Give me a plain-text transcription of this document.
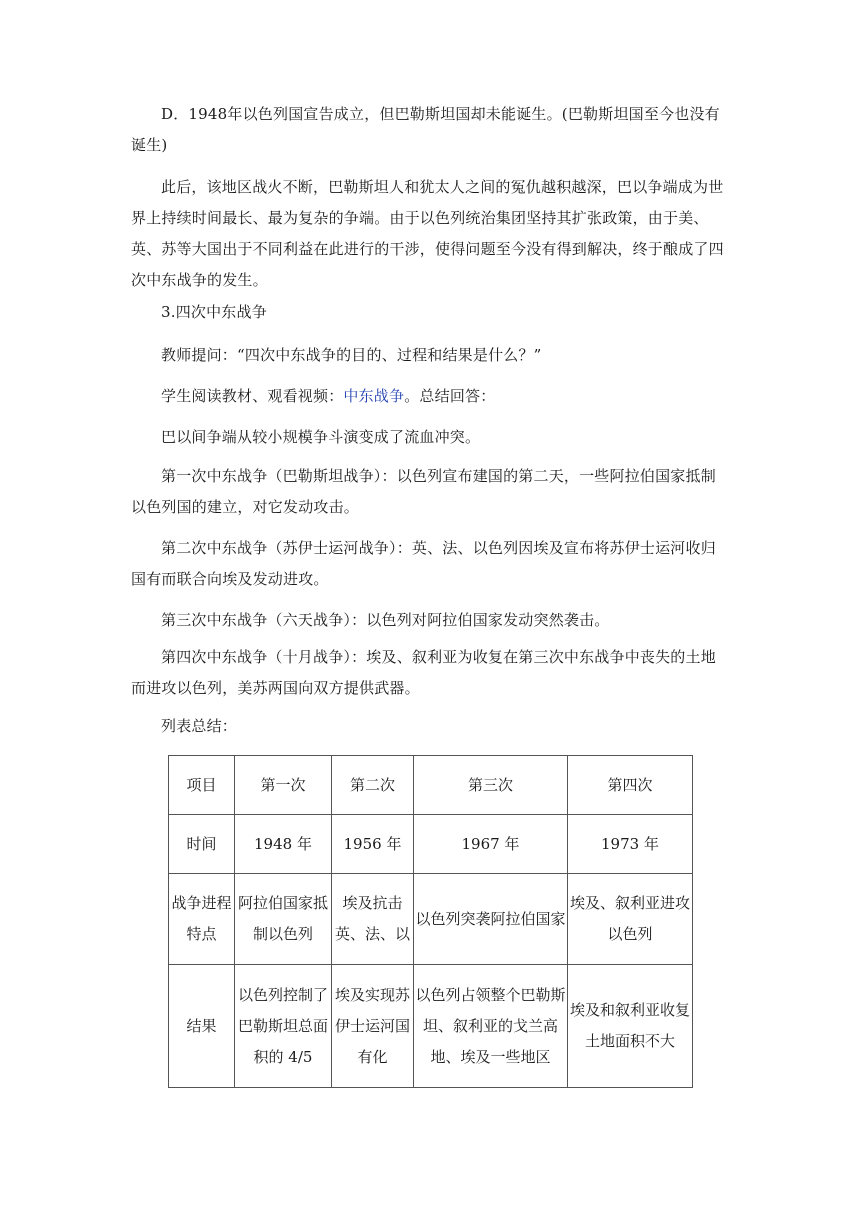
D．1948年以色列国宣告成立，但巴勒斯坦国却未能诞生。(巴勒斯坦国至今也没有诞生)

此后，该地区战火不断，巴勒斯坦人和犹太人之间的冤仇越积越深，巴以争端成为世界上持续时间最长、最为复杂的争端。由于以色列统治集团坚持其扩张政策，由于美、英、苏等大国出于不同利益在此进行的干涉，使得问题至今没有得到解决，终于酿成了四次中东战争的发生。

3.四次中东战争

教师提问：“四次中东战争的目的、过程和结果是什么？”

学生阅读教材、观看视频：中东战争。总结回答：

巴以间争端从较小规模争斗演变成了流血冲突。

第一次中东战争（巴勒斯坦战争）：以色列宣布建国的第二天，一些阿拉伯国家抵制以色列国的建立，对它发动攻击。

第二次中东战争（苏伊士运河战争）：英、法、以色列因埃及宣布将苏伊士运河收归国有而联合向埃及发动进攻。

第三次中东战争（六天战争）：以色列对阿拉伯国家发动突然袭击。

第四次中东战争（十月战争）：埃及、叙利亚为收复在第三次中东战争中丧失的土地而进攻以色列，美苏两国向双方提供武器。

列表总结：

项目	第一次	第二次	第三次	第四次
时间	1948 年	1956 年	1967 年	1973 年
战争进程特点	阿拉伯国家抵制以色列	埃及抗击英、法、以	以色列突袭阿拉伯国家	埃及、叙利亚进攻以色列
结果	以色列控制了巴勒斯坦总面积的 4/5	埃及实现苏伊士运河国有化	以色列占领整个巴勒斯坦、叙利亚的戈兰高地、埃及一些地区	埃及和叙利亚收复土地面积不大
